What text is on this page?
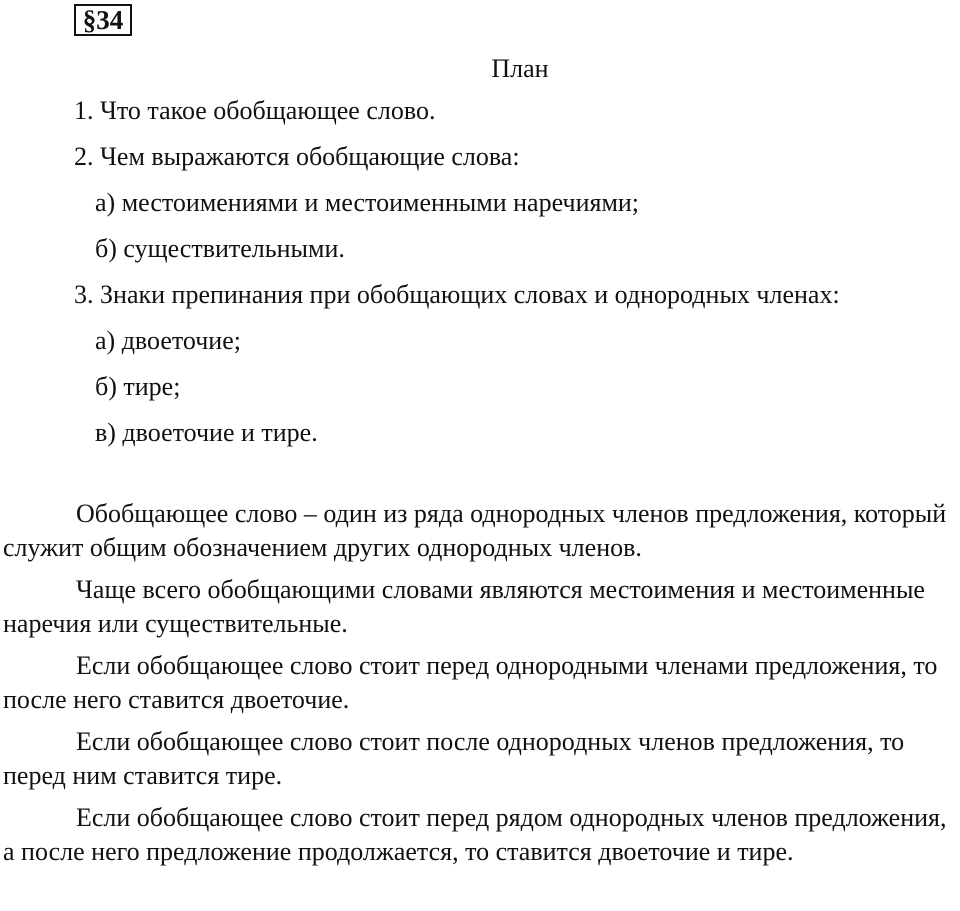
§34
План
1. Что такое обобщающее слово.
2. Чем выражаются обобщающие слова:
а) местоимениями и местоименными наречиями;
б) существительными.
3. Знаки препинания при обобщающих словах и однородных членах:
а) двоеточие;
б) тире;
в) двоеточие и тире.

Обобщающее слово – один из ряда однородных членов предложения, который служит общим обозначением других однородных членов.

Чаще всего обобщающими словами являются местоимения и местоименные наречия или существительные.

Если обобщающее слово стоит перед однородными членами предложения, то после него ставится двоеточие.

Если обобщающее слово стоит после однородных членов предложения, то перед ним ставится тире.

Если обобщающее слово стоит перед рядом однородных членов предложения, а после него предложение продолжается, то ставится двоеточие и тире.
